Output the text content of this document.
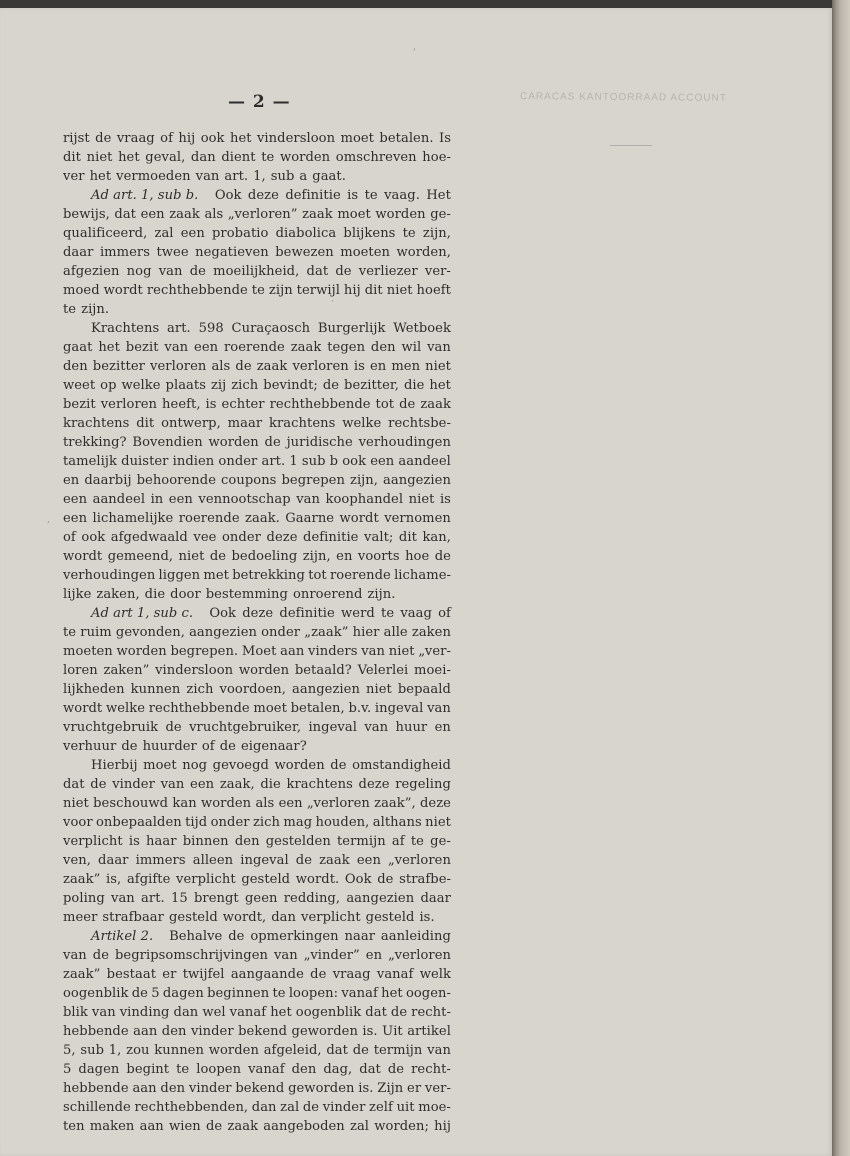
— 2 —	CARACAS KANTOORRAAD ACCOUNT
'
·
,
rijst de vraag of hij ook het vindersloon moet betalen. Is
dit niet het geval, dan dient te worden omschreven hoe-
ver het vermoeden van art. 1, sub a gaat.
Ad art. 1, sub b. Ook deze definitie is te vaag. Het
bewijs, dat een zaak als „verloren” zaak moet worden ge-
qualificeerd, zal een probatio diabolica blijkens te zijn,
daar immers twee negatieven bewezen moeten worden,
afgezien nog van de moeilijkheid, dat de verliezer ver-
moed wordt rechthebbende te zijn terwijl hij dit niet hoeft
te zijn.
Krachtens art. 598 Curaçaosch Burgerlijk Wetboek
gaat het bezit van een roerende zaak tegen den wil van
den bezitter verloren als de zaak verloren is en men niet
weet op welke plaats zij zich bevindt; de bezitter, die het
bezit verloren heeft, is echter rechthebbende tot de zaak
krachtens dit ontwerp, maar krachtens welke rechtsbe-
trekking? Bovendien worden de juridische verhoudingen
tamelijk duister indien onder art. 1 sub b ook een aandeel
en daarbij behoorende coupons begrepen zijn, aangezien
een aandeel in een vennootschap van koophandel niet is
een lichamelijke roerende zaak. Gaarne wordt vernomen
of ook afgedwaald vee onder deze definitie valt; dit kan,
wordt gemeend, niet de bedoeling zijn, en voorts hoe de
verhoudingen liggen met betrekking tot roerende lichame-
lijke zaken, die door bestemming onroerend zijn.
Ad art 1, sub c. Ook deze definitie werd te vaag of
te ruim gevonden, aangezien onder „zaak” hier alle zaken
moeten worden begrepen. Moet aan vinders van niet „ver-
loren zaken” vindersloon worden betaald? Velerlei moei-
lijkheden kunnen zich voordoen, aangezien niet bepaald
wordt welke rechthebbende moet betalen, b.v. ingeval van
vruchtgebruik de vruchtgebruiker, ingeval van huur en
verhuur de huurder of de eigenaar?
Hierbij moet nog gevoegd worden de omstandigheid
dat de vinder van een zaak, die krachtens deze regeling
niet beschouwd kan worden als een „verloren zaak”, deze
voor onbepaalden tijd onder zich mag houden, althans niet
verplicht is haar binnen den gestelden termijn af te ge-
ven, daar immers alleen ingeval de zaak een „verloren
zaak” is, afgifte verplicht gesteld wordt. Ook de strafbe-
poling van art. 15 brengt geen redding, aangezien daar
meer strafbaar gesteld wordt, dan verplicht gesteld is.
Artikel 2. Behalve de opmerkingen naar aanleiding
van de begripsomschrijvingen van „vinder” en „verloren
zaak” bestaat er twijfel aangaande de vraag vanaf welk
oogenblik de 5 dagen beginnen te loopen: vanaf het oogen-
blik van vinding dan wel vanaf het oogenblik dat de recht-
hebbende aan den vinder bekend geworden is. Uit artikel
5, sub 1, zou kunnen worden afgeleid, dat de termijn van
5 dagen begint te loopen vanaf den dag, dat de recht-
hebbende aan den vinder bekend geworden is. Zijn er ver-
schillende rechthebbenden, dan zal de vinder zelf uit moe-
ten maken aan wien de zaak aangeboden zal worden; hij
